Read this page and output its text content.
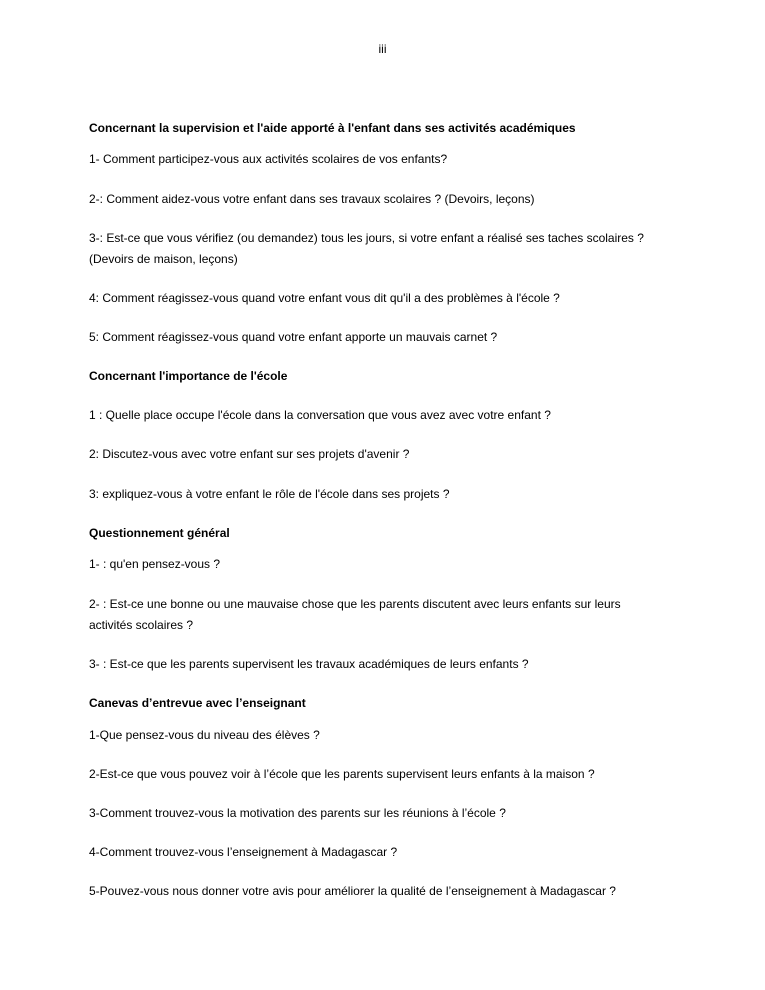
iii
Concernant la supervision et l'aide apporté à l'enfant dans ses activités académiques
1- Comment participez-vous aux activités scolaires de vos enfants?
2-: Comment aidez-vous votre enfant dans ses travaux scolaires ? (Devoirs, leçons)
3-: Est-ce que vous vérifiez (ou demandez) tous les jours, si votre enfant a réalisé ses taches scolaires ?
(Devoirs de maison, leçons)
4: Comment réagissez-vous quand votre enfant vous dit qu'il a des problèmes à l'école ?
5: Comment réagissez-vous quand votre enfant apporte un mauvais carnet ?
Concernant l'importance de l'école
1 : Quelle place occupe l'école dans la conversation que vous avez avec votre enfant ?
2: Discutez-vous avec votre enfant sur ses projets d'avenir ?
3: expliquez-vous à votre enfant le rôle de l'école dans ses projets ?
Questionnement général
1- : qu'en pensez-vous ?
2- : Est-ce une bonne ou une mauvaise chose que les parents discutent avec leurs enfants sur leurs
activités scolaires ?
3- : Est-ce que les parents supervisent les travaux académiques de leurs enfants ?
Canevas d’entrevue avec l’enseignant
1-Que pensez-vous du niveau des élèves ?
2-Est-ce que vous pouvez voir à l’école que les parents supervisent leurs enfants à la maison ?
3-Comment trouvez-vous la motivation des parents sur les réunions à l’école ?
4-Comment trouvez-vous l’enseignement à Madagascar ?
5-Pouvez-vous nous donner votre avis pour améliorer la qualité de l’enseignement à Madagascar ?
